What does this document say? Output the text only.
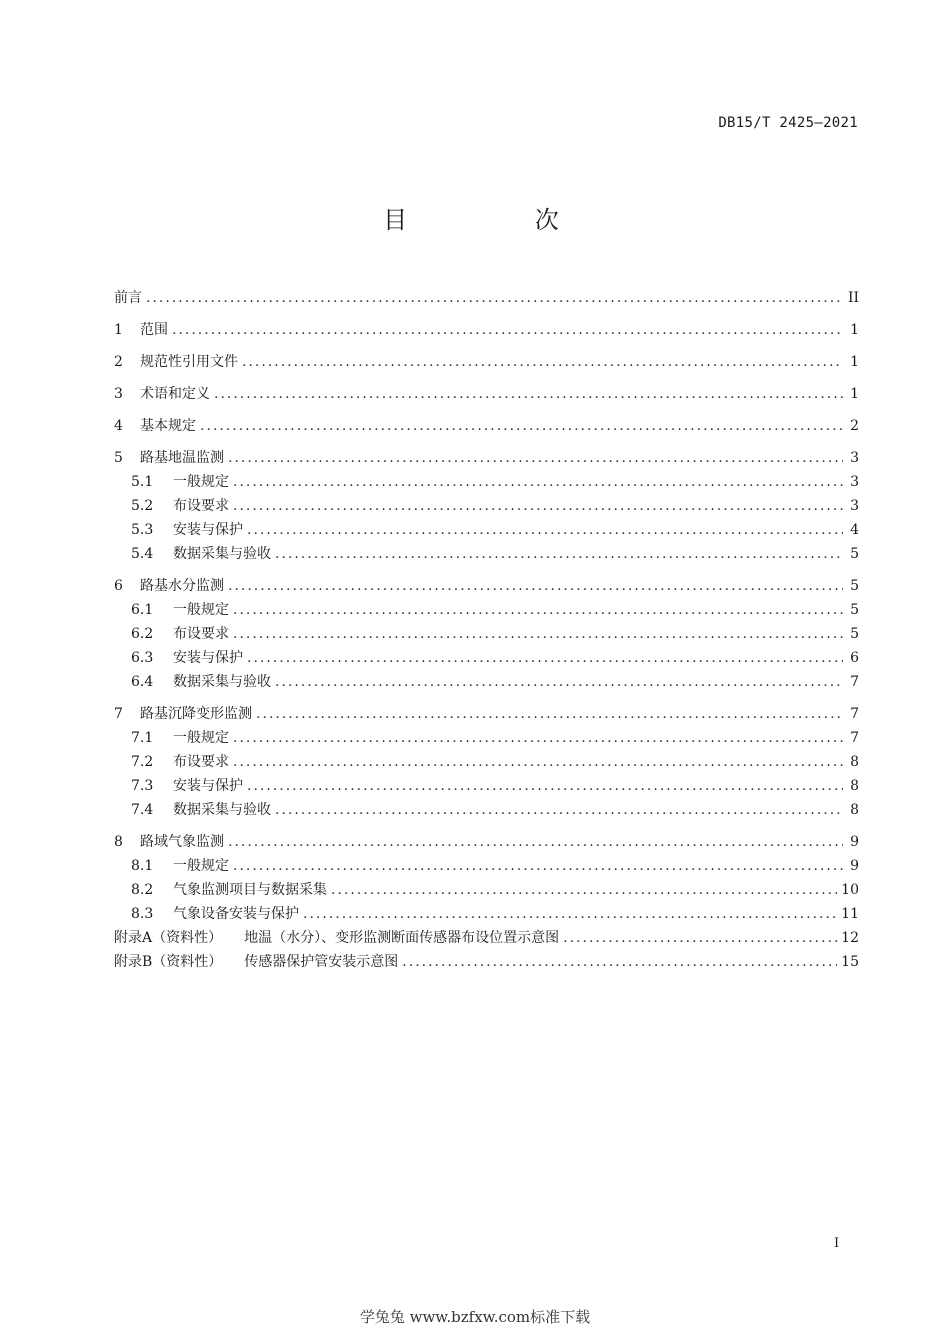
DB15/T 2425—2021
目 次
前言 .....	II
1	范围 .....	1
2	规范性引用文件 .....	1
3	术语和定义 .....	1
4	基本规定 .....	2
5	路基地温监测 .....	3
5.1	一般规定 .....	3
5.2	布设要求 .....	3
5.3	安装与保护 .....	4
5.4	数据采集与验收 .....	5
6	路基水分监测 .....	5
6.1	一般规定 .....	5
6.2	布设要求 .....	5
6.3	安装与保护 .....	6
6.4	数据采集与验收 .....	7
7	路基沉降变形监测 .....	7
7.1	一般规定 .....	7
7.2	布设要求 .....	8
7.3	安装与保护 .....	8
7.4	数据采集与验收 .....	8
8	路域气象监测 .....	9
8.1	一般规定 .....	9
8.2	气象监测项目与数据采集 .....	10
8.3	气象设备安装与保护 .....	11
附录A（资料性） 地温（水分）、变形监测断面传感器布设位置示意图 .....	12
附录B（资料性） 传感器保护管安装示意图 .....	15
I
学兔兔 www.bzfxw.com标准下载
